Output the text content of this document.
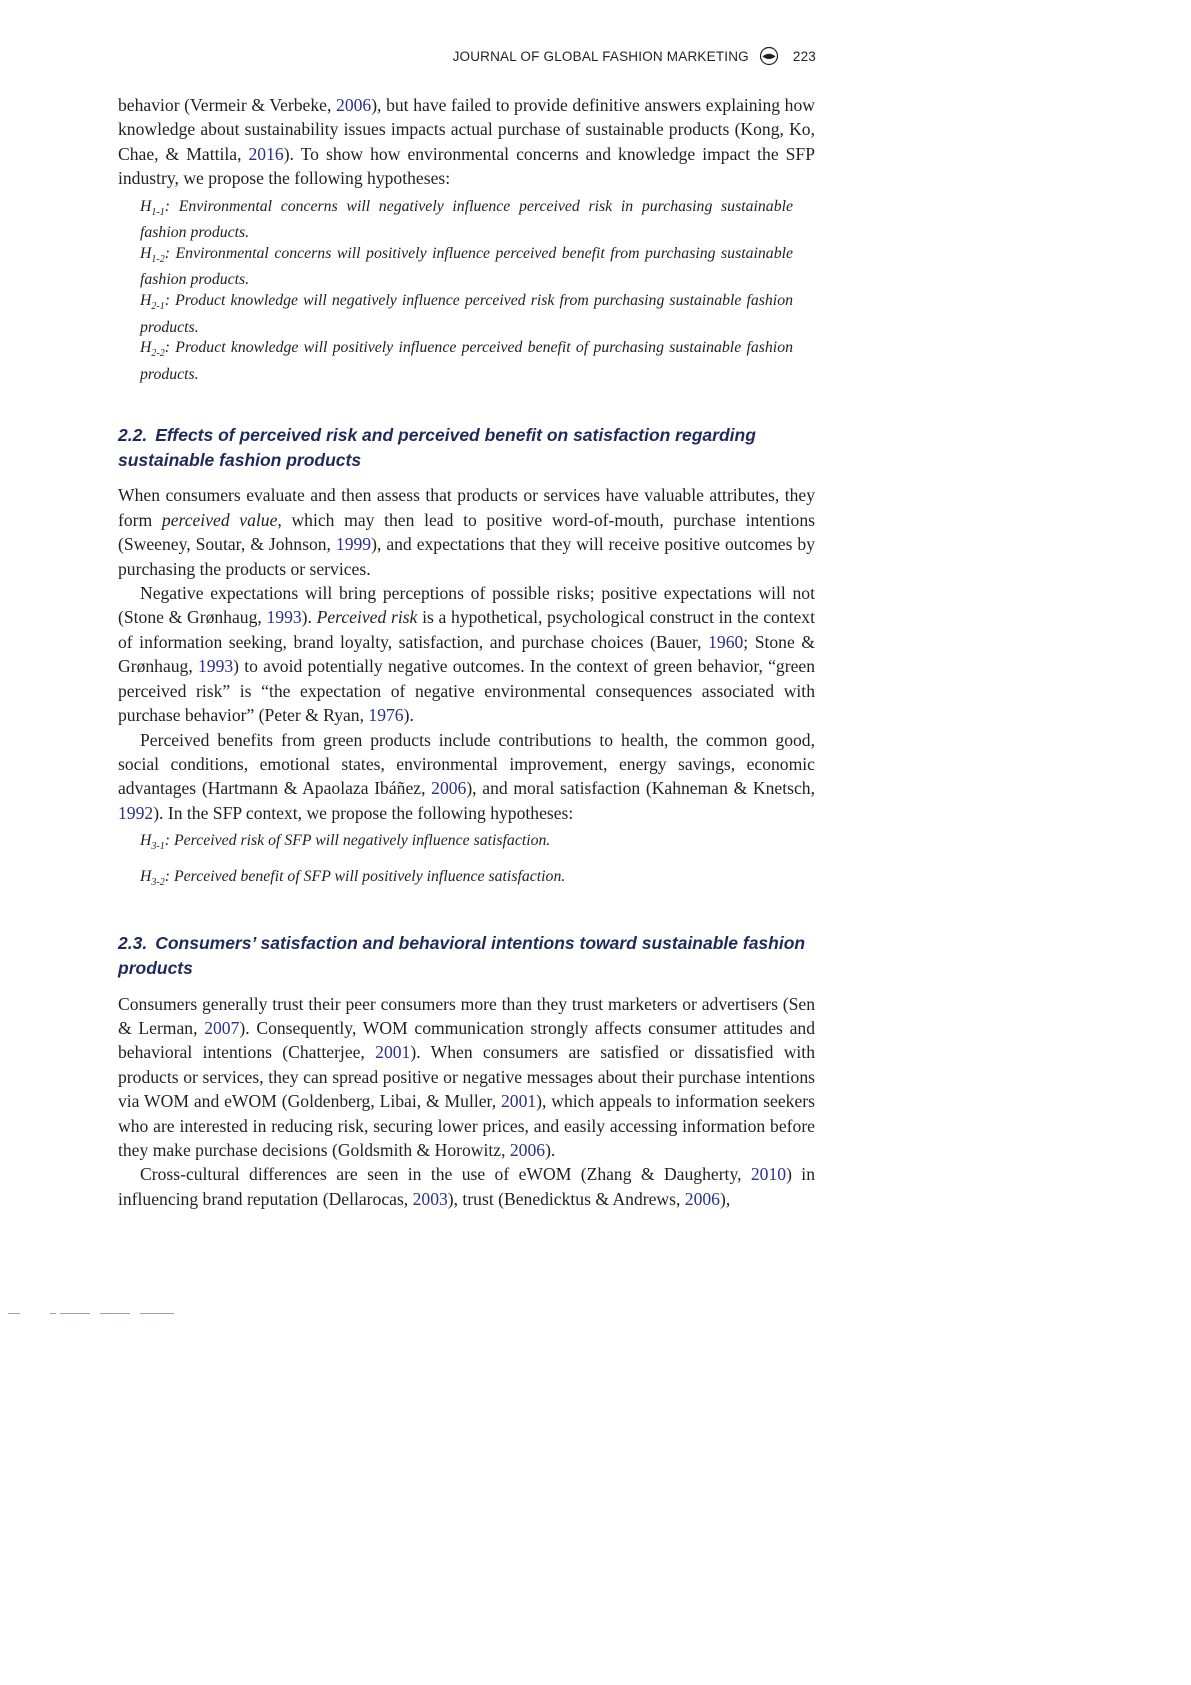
JOURNAL OF GLOBAL FASHION MARKETING	223

behavior (Vermeir & Verbeke, 2006), but have failed to provide definitive answers explaining how knowledge about sustainability issues impacts actual purchase of sustainable products (Kong, Ko, Chae, & Mattila, 2016). To show how environmental concerns and knowledge impact the SFP industry, we propose the following hypotheses:

$H_{1-1}$: Environmental concerns will negatively influence perceived risk in purchasing sustainable fashion products.

$H_{1-2}$: Environmental concerns will positively influence perceived benefit from purchasing sustainable fashion products.

$H_{2-1}$: Product knowledge will negatively influence perceived risk from purchasing sustainable fashion products.

$H_{2-2}$: Product knowledge will positively influence perceived benefit of purchasing sustainable fashion products.

2.2. Effects of perceived risk and perceived benefit on satisfaction regarding sustainable fashion products

When consumers evaluate and then assess that products or services have valuable attributes, they form perceived value, which may then lead to positive word-of-mouth, purchase intentions (Sweeney, Soutar, & Johnson, 1999), and expectations that they will receive positive outcomes by purchasing the products or services.

Negative expectations will bring perceptions of possible risks; positive expectations will not (Stone & Grønhaug, 1993). Perceived risk is a hypothetical, psychological construct in the context of information seeking, brand loyalty, satisfaction, and purchase choices (Bauer, 1960; Stone & Grønhaug, 1993) to avoid potentially negative outcomes. In the context of green behavior, “green perceived risk” is “the expectation of negative environmental consequences associated with purchase behavior” (Peter & Ryan, 1976).

Perceived benefits from green products include contributions to health, the common good, social conditions, emotional states, environmental improvement, energy savings, economic advantages (Hartmann & Apaolaza Ibáñez, 2006), and moral satisfaction (Kahneman & Knetsch, 1992). In the SFP context, we propose the following hypotheses:

$H_{3-1}$: Perceived risk of SFP will negatively influence satisfaction.

$H_{3-2}$: Perceived benefit of SFP will positively influence satisfaction.

2.3. Consumers’ satisfaction and behavioral intentions toward sustainable fashion products

Consumers generally trust their peer consumers more than they trust marketers or advertisers (Sen & Lerman, 2007). Consequently, WOM communication strongly affects consumer attitudes and behavioral intentions (Chatterjee, 2001). When consumers are satisfied or dissatisfied with products or services, they can spread positive or negative messages about their purchase intentions via WOM and eWOM (Goldenberg, Libai, & Muller, 2001), which appeals to information seekers who are interested in reducing risk, securing lower prices, and easily accessing information before they make purchase decisions (Goldsmith & Horowitz, 2006).

Cross-cultural differences are seen in the use of eWOM (Zhang & Daugherty, 2010) in influencing brand reputation (Dellarocas, 2003), trust (Benedicktus & Andrews, 2006),
